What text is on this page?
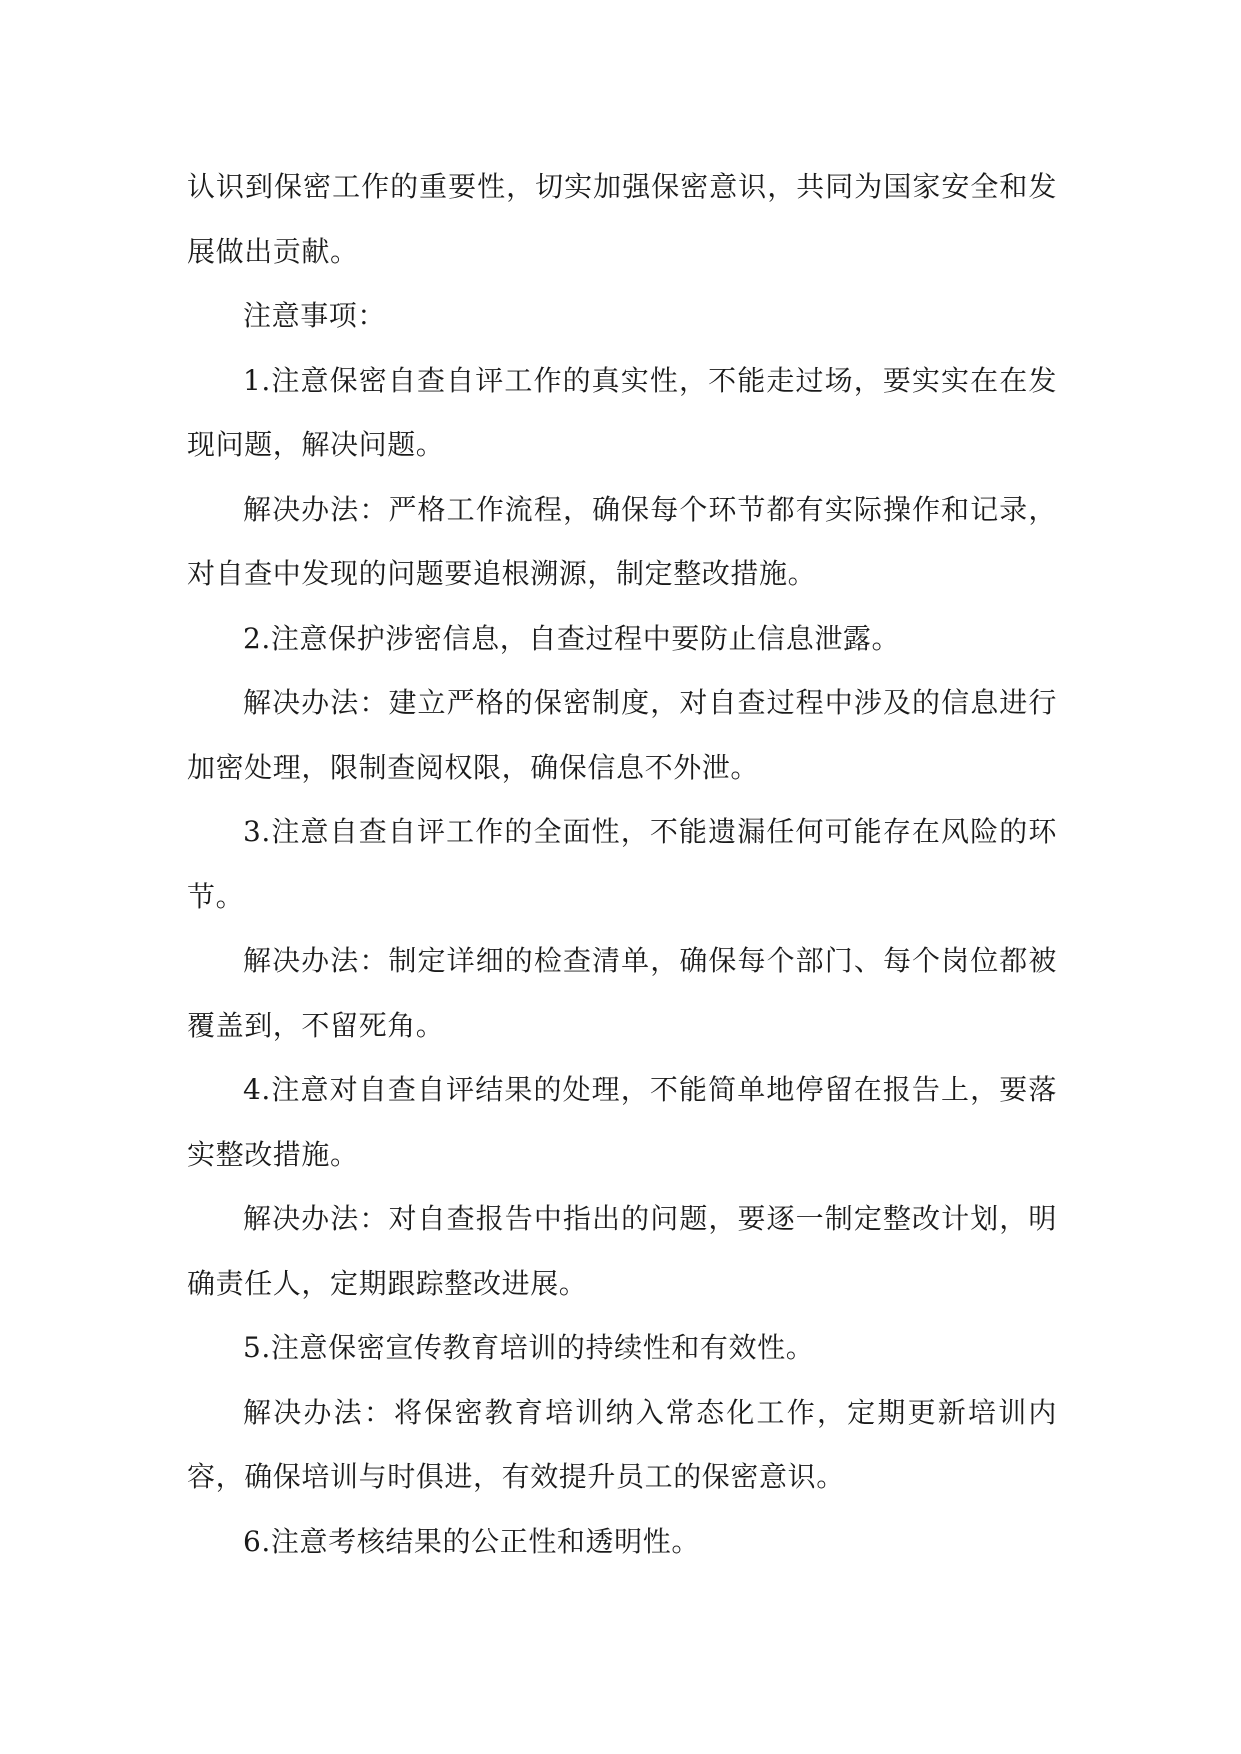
认识到保密工作的重要性，切实加强保密意识，共同为国家安全和发展做出贡献。

注意事项：

1.注意保密自查自评工作的真实性，不能走过场，要实实在在发现问题，解决问题。

解决办法：严格工作流程，确保每个环节都有实际操作和记录，对自查中发现的问题要追根溯源，制定整改措施。

2.注意保护涉密信息，自查过程中要防止信息泄露。

解决办法：建立严格的保密制度，对自查过程中涉及的信息进行加密处理，限制查阅权限，确保信息不外泄。

3.注意自查自评工作的全面性，不能遗漏任何可能存在风险的环节。

解决办法：制定详细的检查清单，确保每个部门、每个岗位都被覆盖到，不留死角。

4.注意对自查自评结果的处理，不能简单地停留在报告上，要落实整改措施。

解决办法：对自查报告中指出的问题，要逐一制定整改计划，明确责任人，定期跟踪整改进展。

5.注意保密宣传教育培训的持续性和有效性。

解决办法：将保密教育培训纳入常态化工作，定期更新培训内容，确保培训与时俱进，有效提升员工的保密意识。

6.注意考核结果的公正性和透明性。
